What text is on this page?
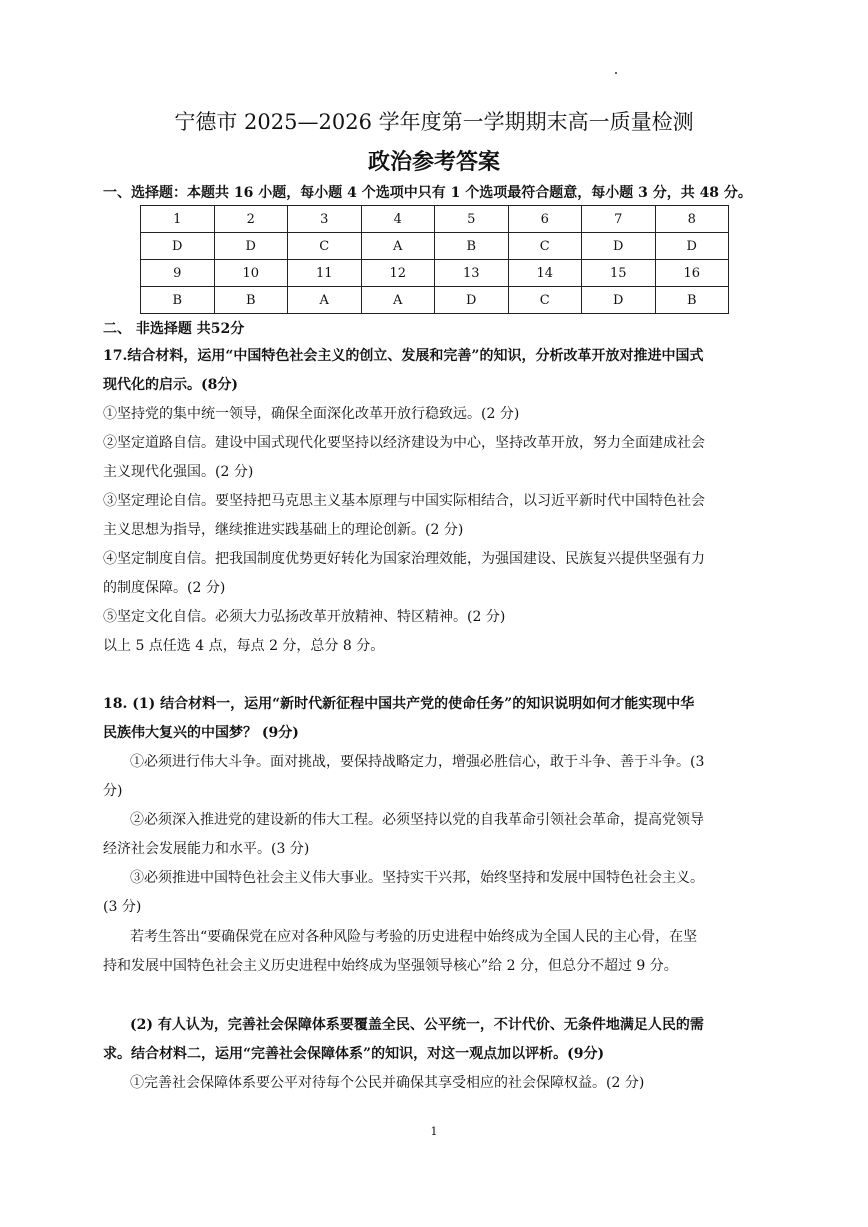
宁德市 2025—2026 学年度第一学期期末高一质量检测
政治参考答案
一、选择题：本题共 16 小题，每小题 4 个选项中只有 1 个选项最符合题意，每小题 3 分，共 48 分。
1	2	3	4	5	6	7	8
D	D	C	A	B	C	D	D
9	10	11	12	13	14	15	16
B	B	A	A	D	C	D	B
二、 非选择题 共52分
17.结合材料，运用“中国特色社会主义的创立、发展和完善”的知识，分析改革开放对推进中国式
现代化的启示。(8分)
①坚持党的集中统一领导，确保全面深化改革开放行稳致远。(2 分)
②坚定道路自信。建设中国式现代化要坚持以经济建设为中心，坚持改革开放，努力全面建成社会
主义现代化强国。(2 分)
③坚定理论自信。要坚持把马克思主义基本原理与中国实际相结合，以习近平新时代中国特色社会
主义思想为指导，继续推进实践基础上的理论创新。(2 分)
④坚定制度自信。把我国制度优势更好转化为国家治理效能，为强国建设、民族复兴提供坚强有力
的制度保障。(2 分)
⑤坚定文化自信。必须大力弘扬改革开放精神、特区精神。(2 分)
以上 5 点任选 4 点，每点 2 分，总分 8 分。
18. (1) 结合材料一，运用“新时代新征程中国共产党的使命任务”的知识说明如何才能实现中华
民族伟大复兴的中国梦？ (9分)
①必须进行伟大斗争。面对挑战，要保持战略定力，增强必胜信心，敢于斗争、善于斗争。(3
分)
②必须深入推进党的建设新的伟大工程。必须坚持以党的自我革命引领社会革命，提高党领导
经济社会发展能力和水平。(3 分)
③必须推进中国特色社会主义伟大事业。坚持实干兴邦，始终坚持和发展中国特色社会主义。
(3 分)
若考生答出“要确保党在应对各种风险与考验的历史进程中始终成为全国人民的主心骨，在坚
持和发展中国特色社会主义历史进程中始终成为坚强领导核心”给 2 分，但总分不超过 9 分。
(2) 有人认为，完善社会保障体系要覆盖全民、公平统一，不计代价、无条件地满足人民的需
求。结合材料二，运用“完善社会保障体系”的知识，对这一观点加以评析。(9分)
①完善社会保障体系要公平对待每个公民并确保其享受相应的社会保障权益。(2 分)
1
